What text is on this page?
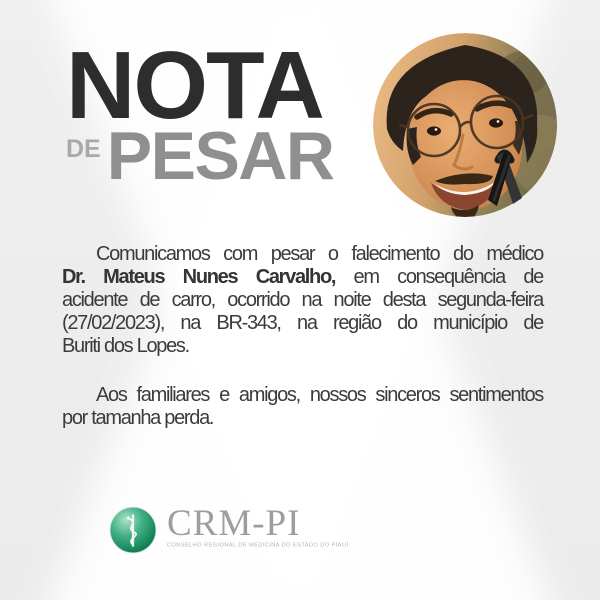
NOTA
DE PESAR
Comunicamos com pesar o falecimento do médico
Dr. Mateus Nunes Carvalho, em consequência de
acidente de carro, ocorrido na noite desta segunda-feira
(27/02/2023), na BR-343, na região do município de
Buriti dos Lopes.
Aos familiares e amigos, nossos sinceros sentimentos
por tamanha perda.
CRM-PI
CONSELHO REGIONAL DE MEDICINA DO ESTADO DO PIAUÍ
